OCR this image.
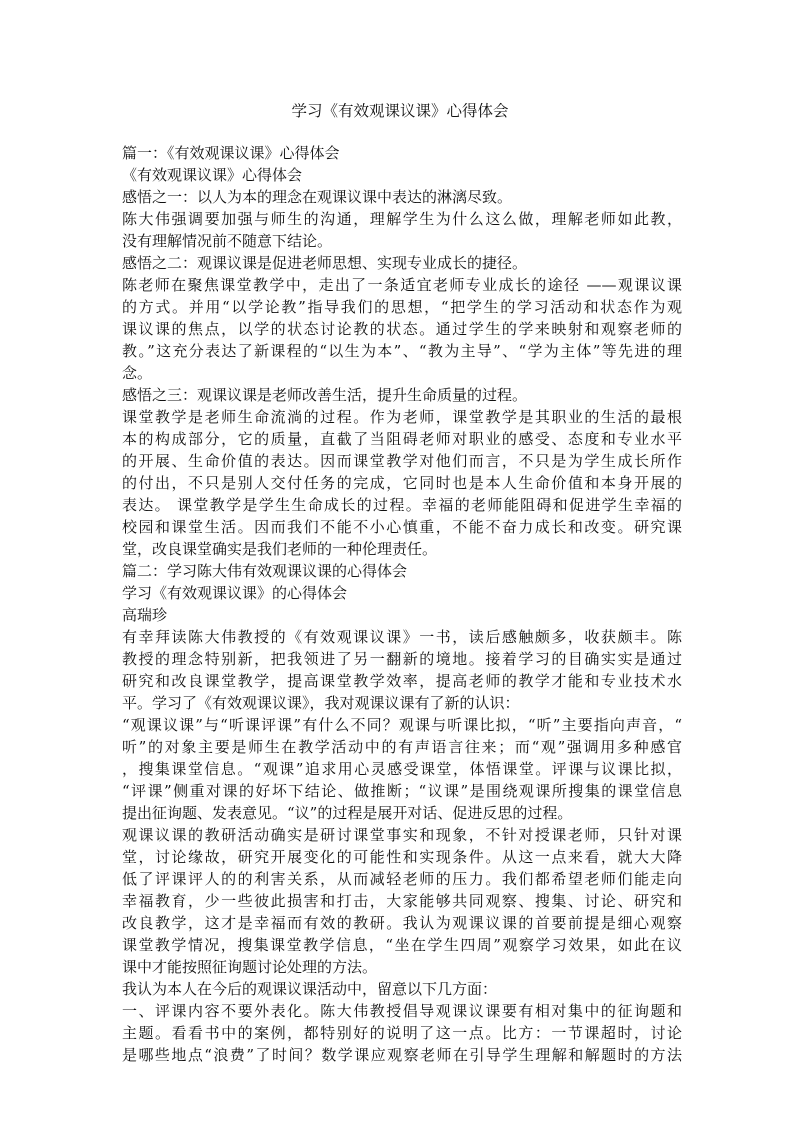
学习《有效观课议课》心得体会
篇一：《有效观课议课》心得体会
《有效观课议课》心得体会
感悟之一：以人为本的理念在观课议课中表达的淋漓尽致。
陈大伟强调要加强与师生的沟通，理解学生为什么这么做，理解老师如此教，
没有理解情况前不随意下结论。
感悟之二：观课议课是促进老师思想、实现专业成长的捷径。
陈老师在聚焦课堂教学中，走出了一条适宜老师专业成长的途径 ——观课议课
的方式。并用“以学论教”指导我们的思想，“把学生的学习活动和状态作为观
课议课的焦点，以学的状态讨论教的状态。通过学生的学来映射和观察老师的
教。”这充分表达了新课程的“以生为本”、“教为主导”、“学为主体”等先进的理
念。
感悟之三：观课议课是老师改善生活，提升生命质量的过程。
课堂教学是老师生命流淌的过程。作为老师，课堂教学是其职业的生活的最根
本的构成部分，它的质量，直截了当阻碍老师对职业的感受、态度和专业水平
的开展、生命价值的表达。因而课堂教学对他们而言，不只是为学生成长所作
的付出，不只是别人交付任务的完成，它同时也是本人生命价值和本身开展的
表达。 课堂教学是学生生命成长的过程。幸福的老师能阻碍和促进学生幸福的
校园和课堂生活。因而我们不能不小心慎重，不能不奋力成长和改变。研究课
堂，改良课堂确实是我们老师的一种伦理责任。
篇二：学习陈大伟有效观课议课的心得体会
学习《有效观课议课》的心得体会
高瑞珍
有幸拜读陈大伟教授的《有效观课议课》一书，读后感触颇多，收获颇丰。陈
教授的理念特别新，把我领进了另一翻新的境地。接着学习的目确实实是通过
研究和改良课堂教学，提高课堂教学效率，提高老师的教学才能和专业技术水
平。学习了《有效观课议课》，我对观课议课有了新的认识：
“观课议课”与“听课评课”有什么不同？观课与听课比拟，“听”主要指向声音，“
听”的对象主要是师生在教学活动中的有声语言往来；而“观”强调用多种感官
，搜集课堂信息。“观课”追求用心灵感受课堂，体悟课堂。评课与议课比拟，
“评课”侧重对课的好坏下结论、做推断；“议课”是围绕观课所搜集的课堂信息
提出征询题、发表意见。“议”的过程是展开对话、促进反思的过程。
观课议课的教研活动确实是研讨课堂事实和现象，不针对授课老师，只针对课
堂，讨论缘故，研究开展变化的可能性和实现条件。从这一点来看，就大大降
低了评课评人的的利害关系，从而减轻老师的压力。我们都希望老师们能走向
幸福教育，少一些彼此损害和打击，大家能够共同观察、搜集、讨论、研究和
改良教学，这才是幸福而有效的教研。我认为观课议课的首要前提是细心观察
课堂教学情况，搜集课堂教学信息，“坐在学生四周”观察学习效果，如此在议
课中才能按照征询题讨论处理的方法。
我认为本人在今后的观课议课活动中，留意以下几方面：
一、评课内容不要外表化。陈大伟教授倡导观课议课要有相对集中的征询题和
主题。看看书中的案例，都特别好的说明了这一点。比方：一节课超时，讨论
是哪些地点“浪费”了时间？数学课应观察老师在引导学生理解和解题时的方法
